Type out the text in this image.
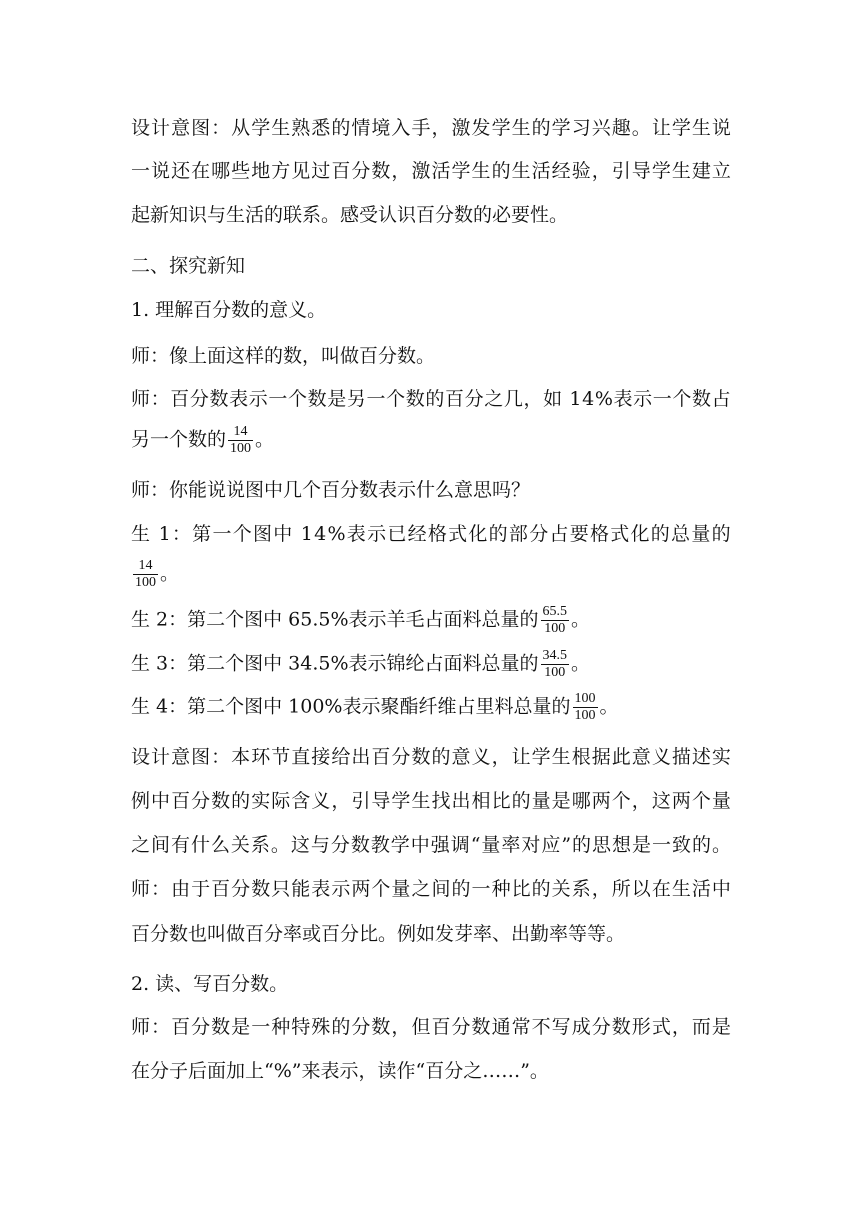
设 计 意 图 ： 从 学 生 熟 悉 的 情 境 入 手 ， 激 发 学 生 的 学 习 兴 趣 。 让 学 生 说
一 说 还 在 哪 些 地 方 见 过 百 分 数 ， 激 活 学 生 的 生 活 经 验 ， 引 导 学 生 建 立
起新知识与生活的联系。感受认识百分数的必要性。
二、探究新知
1. 理解百分数的意义。
师：像上面这样的数，叫做百分数。
师 ： 百 分 数 表 示 一 个 数 是 另 一 个 数 的 百 分 之 几 ， 如
1 4 % 表 示 一 个 数 占
另一个数的 $\frac{14}{100}$ 。
师：你能说说图中几个百分数表示什么意思吗？
生
1 ： 第 一 个 图 中
1 4 % 表 示 已 经 格 式 化 的 部 分 占 要 格 式 化 的 总 量 的
$\frac{14}{100}$ 。
生 2：第二个图中 65.5%表示羊毛占面料总量的 $\frac{65.5}{100}$ 。
生 3：第二个图中 34.5%表示锦纶占面料总量的 $\frac{34.5}{100}$ 。
生 4：第二个图中 100%表示聚酯纤维占里料总量的 $\frac{100}{100}$ 。
设 计 意 图 ： 本 环 节 直 接 给 出 百 分 数 的 意 义 ， 让 学 生 根 据 此 意 义 描 述 实
例 中 百 分 数 的 实 际 含 义 ， 引 导 学 生 找 出 相 比 的 量 是 哪 两 个 ， 这 两 个 量
之 间 有 什 么 关 系 。 这 与 分 数 教 学 中 强 调 “ 量 率 对 应 ” 的 思 想 是 一 致 的 。
师 ： 由 于 百 分 数 只 能 表 示 两 个 量 之 间 的 一 种 比 的 关 系 ， 所 以 在 生 活 中
百分数也叫做百分率或百分比。例如发芽率、出勤率等等。
2. 读、写百分数。
师 ： 百 分 数 是 一 种 特 殊 的 分 数 ， 但 百 分 数 通 常 不 写 成 分 数 形 式 ， 而 是
在分子后面加上“%”来表示，读作“百分之……”。
